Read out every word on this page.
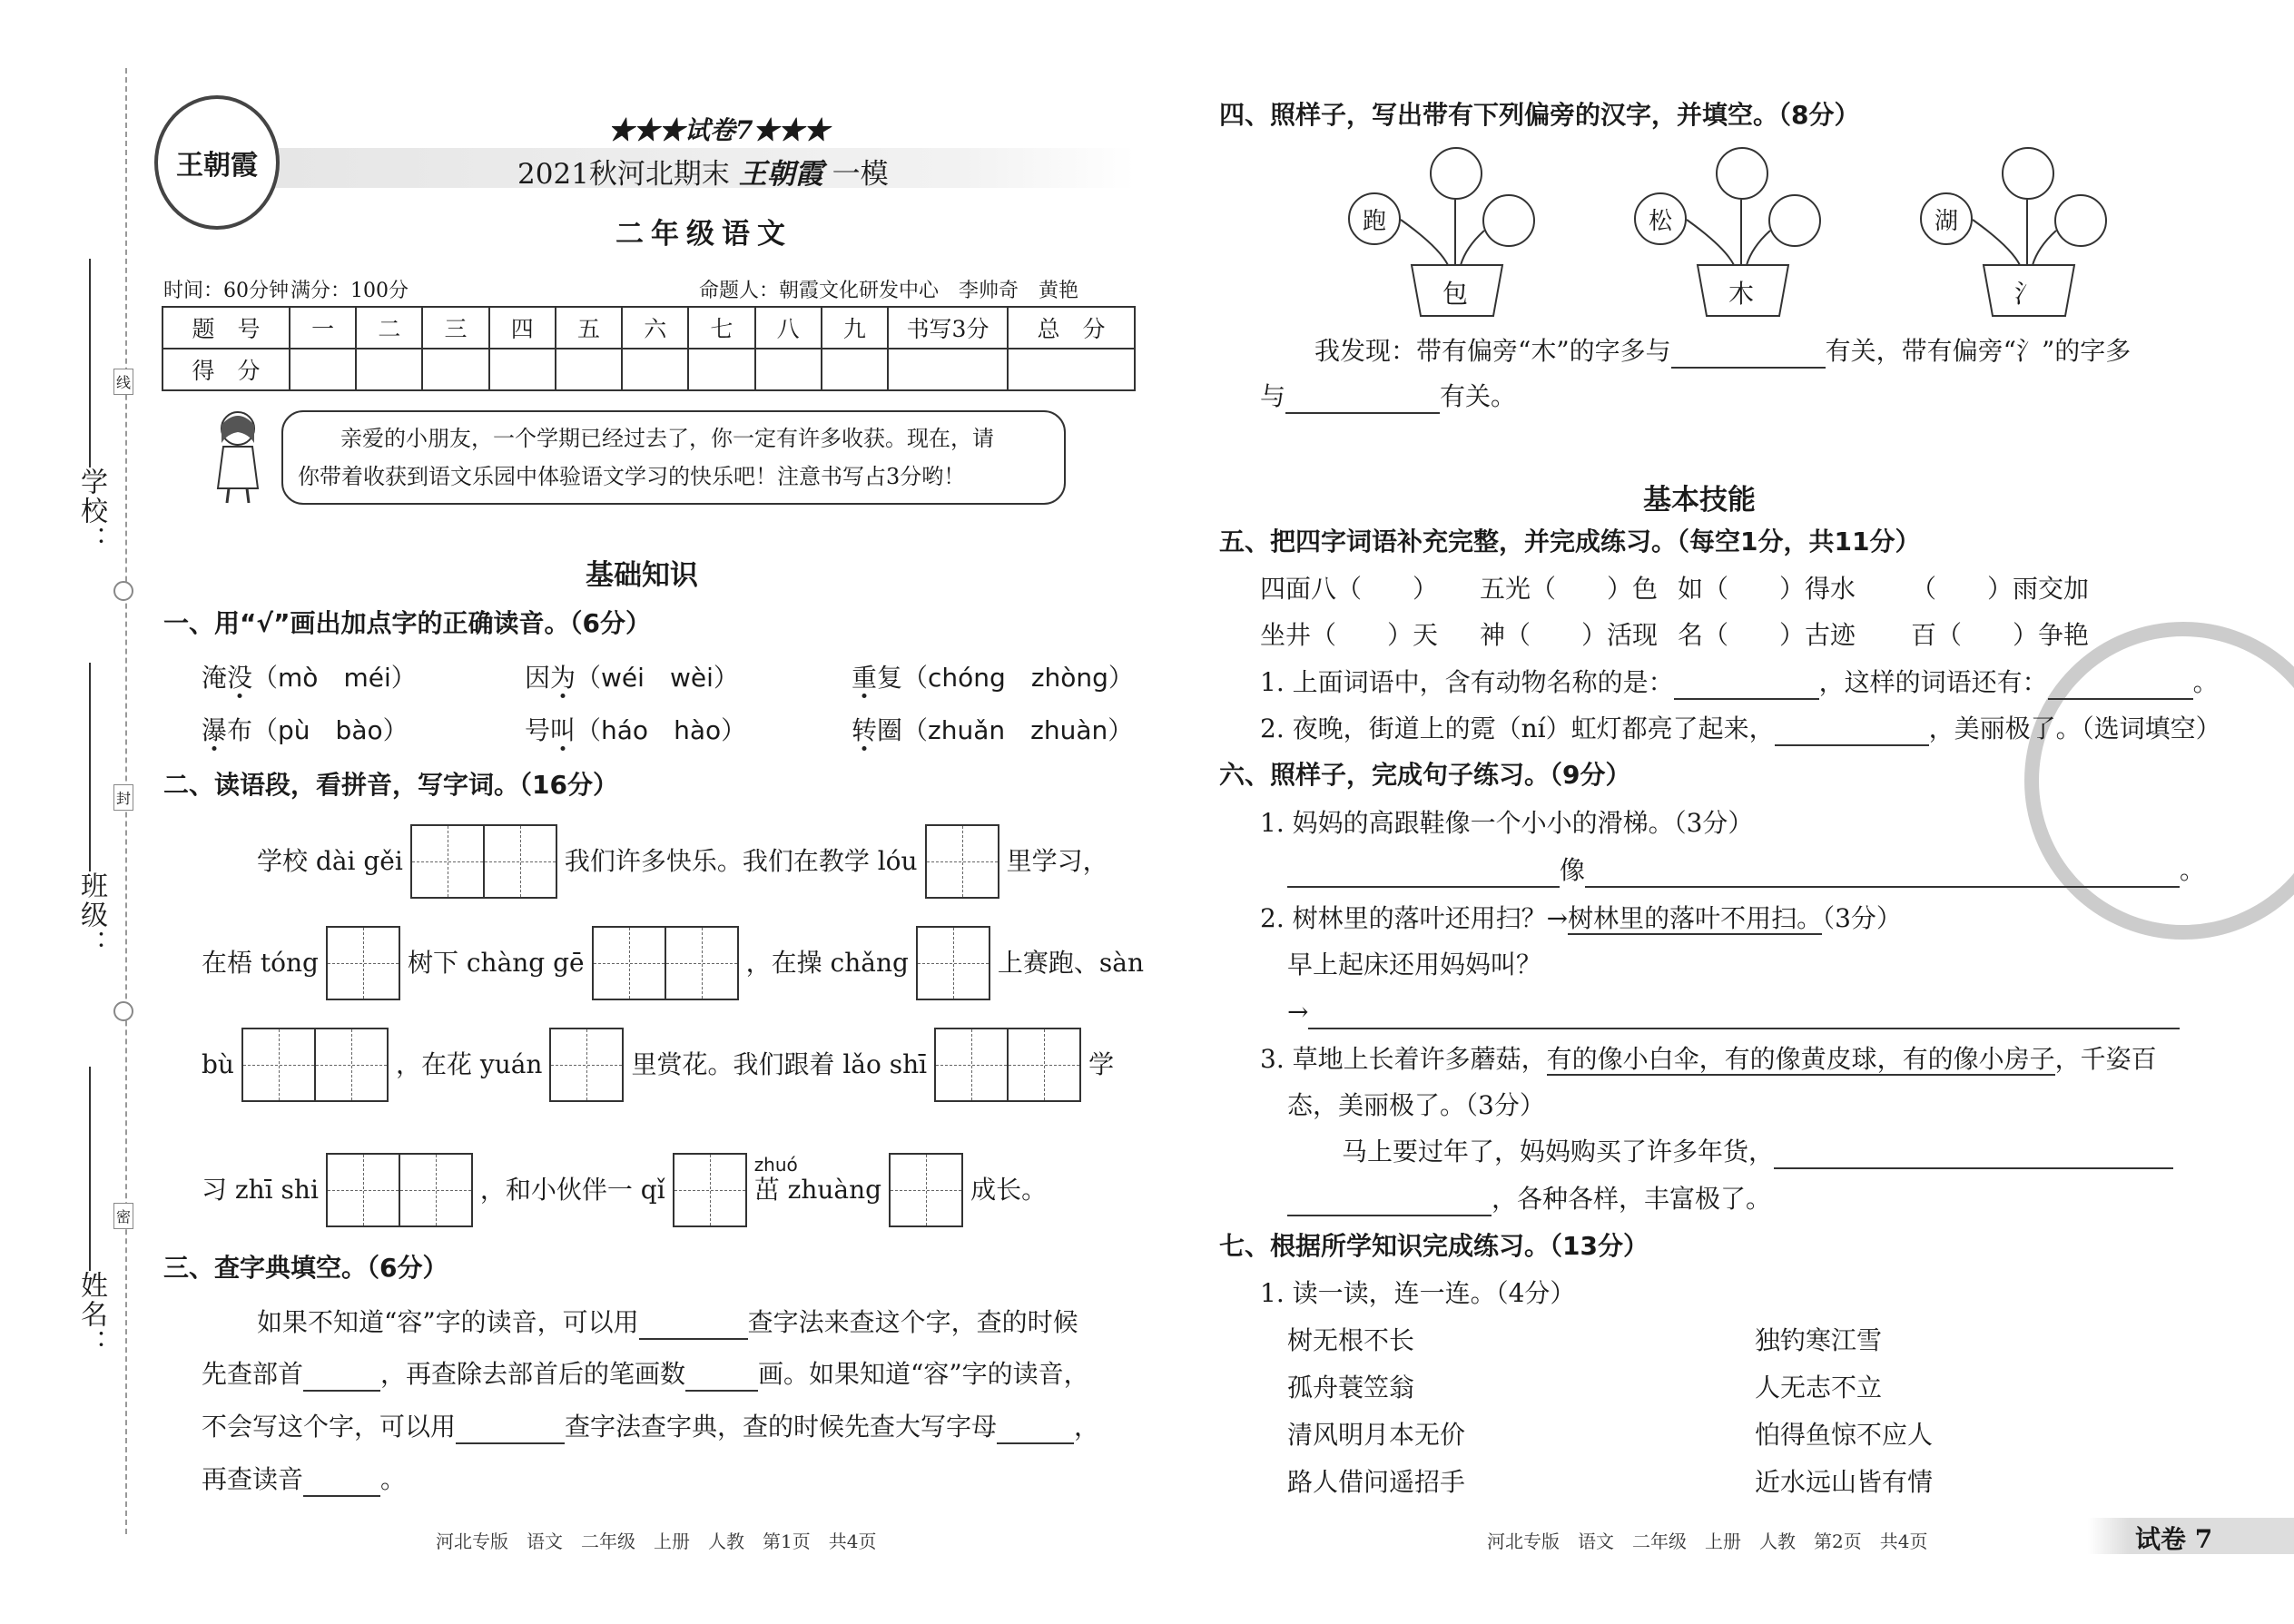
学校：
班级：
姓名：
线
封
密
王朝霞
★★★试卷7★★★
2021秋河北期末 王朝霞 一模
二年级语文
时间：60分钟 满分：100分	命题人：朝霞文化研发中心　李帅奇　黄艳
题　号	一	二	三	四	五	六	七	八	九	书写3分	总　分
得　分											
亲爱的小朋友，一个学期已经过去了，你一定有许多收获。现在，请
你带着收获到语文乐园中体验语文学习的快乐吧！注意书写占3分哟！
基础知识
一、用“√”画出加点字的正确读音。（6分）
淹没（mò　méi）	因为（wéi　wèi）	重复（chóng　zhòng）
瀑布（pù　bào）	号叫（háo　hào）	转圈（zhuǎn　zhuàn）
二、读语段，看拼音，写字词。（16分）
学校 dài gěi	我们许多快乐。我们在教学 lóu	里学习，
在梧 tóng	树下 chàng gē	，在操 chǎng	上赛跑、sàn
bù	，在花 yuán	里赏花。我们跟着 lǎo shī	学
习 zhī shi	，和小伙伴一 qǐ
zhuó
茁 zhuàng	成长。
三、查字典填空。（6分）
如果不知道“容”字的读音，可以用	查字法来查这个字，查的时候
先查部首	，再查除去部首后的笔画数	画。如果知道“容”字的读音，
不会写这个字，可以用	查字法查字典，查的时候先查大写字母	，
再查读音	。
河北专版　语文　二年级　上册　人教　第1页　共4页
四、照样子，写出带有下列偏旁的汉字，并填空。（8分）
跑
包
松
木
湖
氵
我发现：带有偏旁“木”的字多与	有关，带有偏旁“氵”的字多
与	有关。
基本技能
五、把四字词语补充完整，并完成练习。（每空1分，共11分）
四面八（　　） 五光（　　）色 如（　　）得水 （　　）雨交加
坐井（　　）天 神（　　）活现 名（　　）古迹 百（　　）争艳
1. 上面词语中，含有动物名称的是：	，这样的词语还有：	。
2. 夜晚，街道上的霓（ní）虹灯都亮了起来，	，美丽极了。（选词填空）
六、照样子，完成句子练习。（9分）
1. 妈妈的高跟鞋像一个小小的滑梯。（3分）
像	。
2. 树林里的落叶还用扫？→树林里的落叶不用扫。（3分）
早上起床还用妈妈叫？
→
3. 草地上长着许多蘑菇，有的像小白伞，有的像黄皮球，有的像小房子，千姿百
态，美丽极了。（3分）
马上要过年了，妈妈购买了许多年货，
，各种各样，丰富极了。
七、根据所学知识完成练习。（13分）
1. 读一读，连一连。（4分）
树无根不长
孤舟蓑笠翁
清风明月本无价
路人借问遥招手
独钓寒江雪
人无志不立
怕得鱼惊不应人
近水远山皆有情
河北专版　语文　二年级　上册　人教　第2页　共4页	试卷 7
